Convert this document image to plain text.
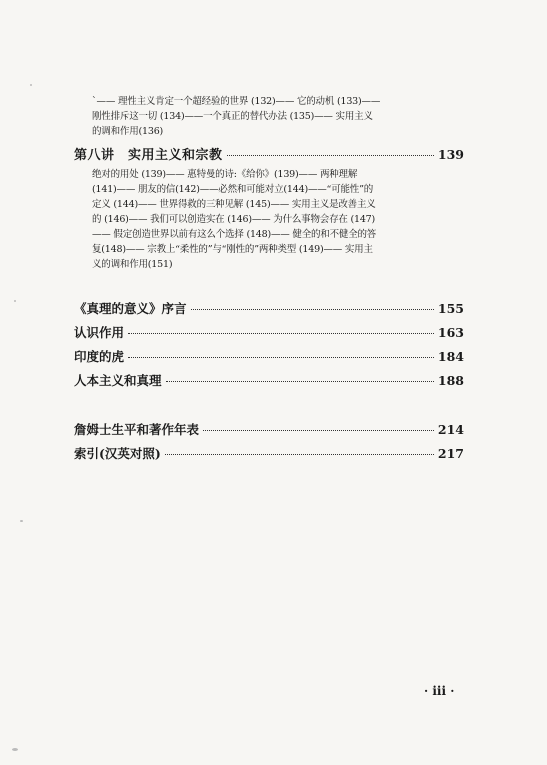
`—— 理性主义肯定一个超经验的世界 (132)—— 它的动机 (133)——
刚性排斥这一切 (134)——一个真正的替代办法 (135)—— 实用主义
的调和作用(136)
第八讲　实用主义和宗教	139
绝对的用处 (139)—— 惠特曼的诗:《给你》(139)—— 两种理解
(141)—— 朋友的信(142)——必然和可能对立(144)——“可能性”的
定义 (144)—— 世界得救的三种见解 (145)—— 实用主义是改善主义
的 (146)—— 我们可以创造实在 (146)—— 为什么事物会存在 (147)
—— 假定创造世界以前有这么个选择 (148)—— 健全的和不健全的答
复(148)—— 宗教上“柔性的”与“刚性的”两种类型 (149)—— 实用主
义的调和作用(151)
《真理的意义》序言	155
认识作用	163
印度的虎	184
人本主义和真理	188
詹姆士生平和著作年表	214
索引(汉英对照)	217
· iii ·
